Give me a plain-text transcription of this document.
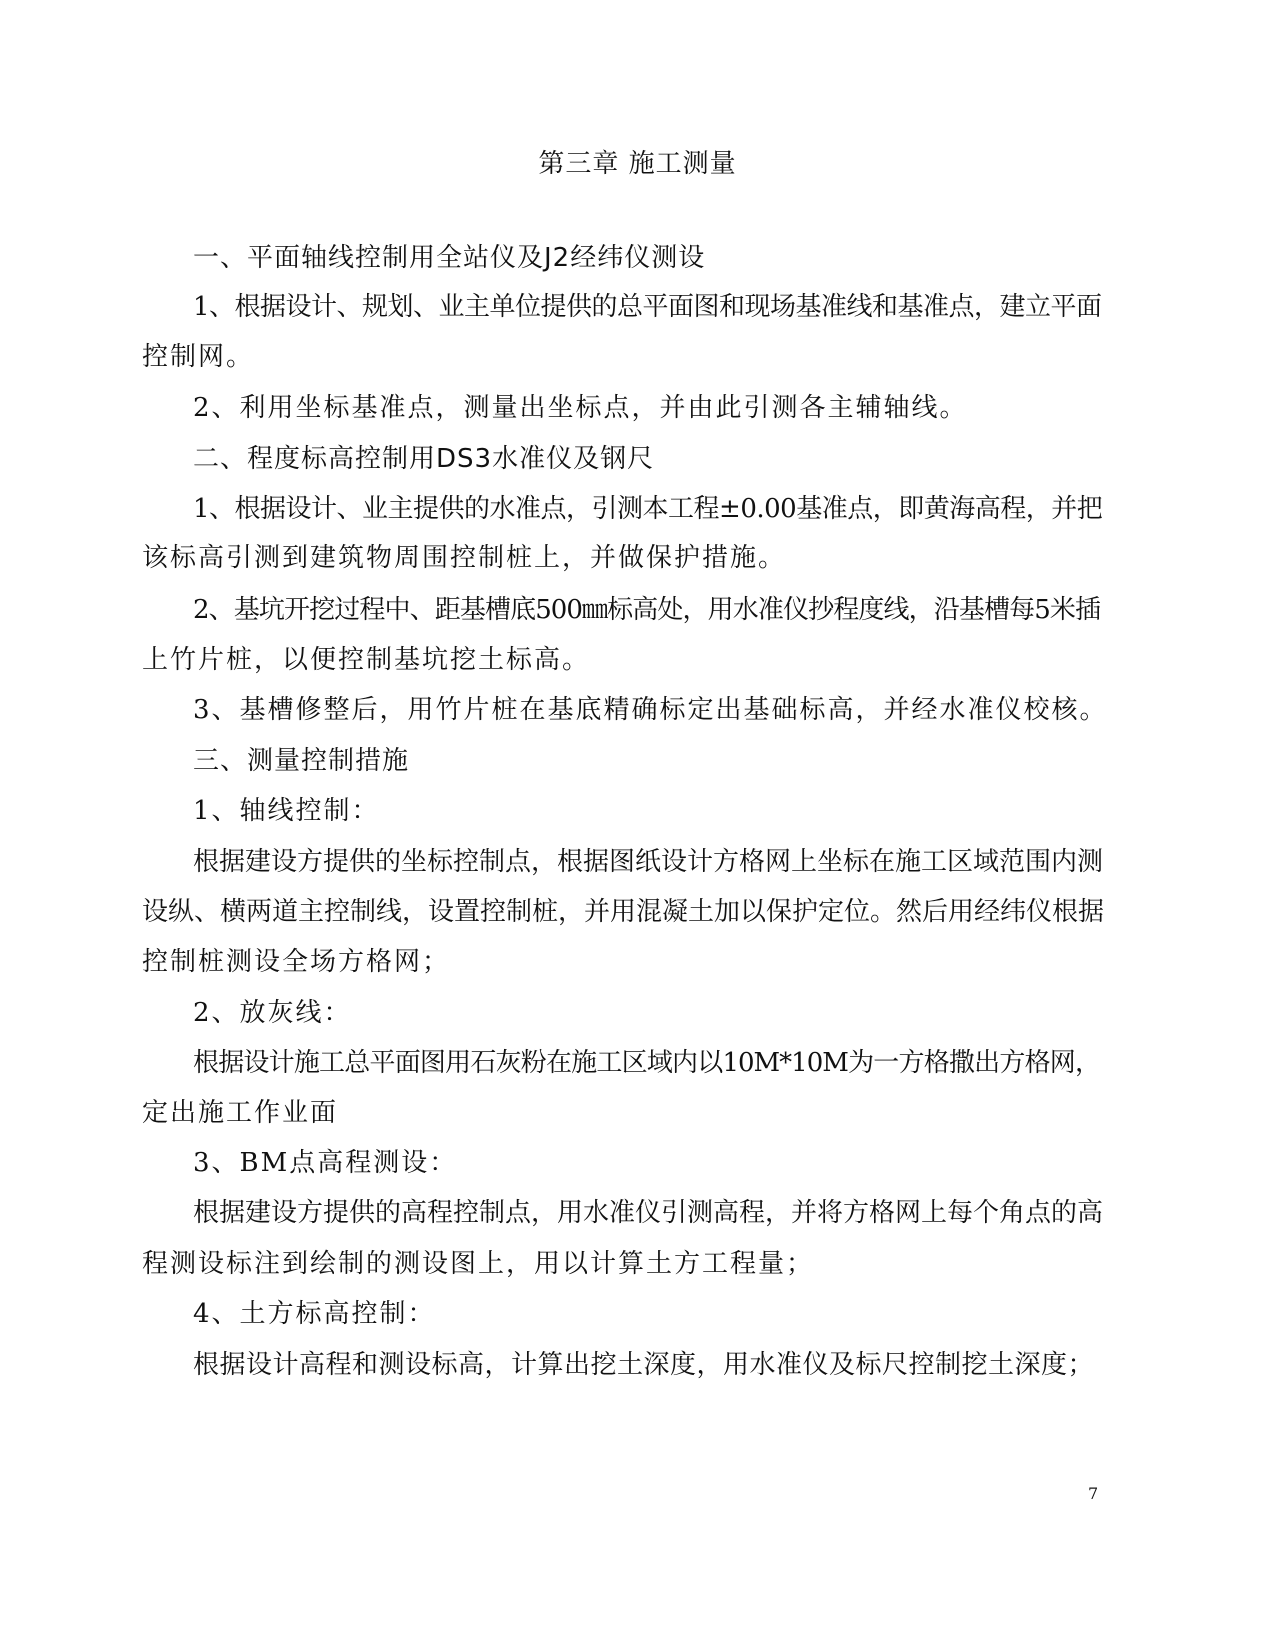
第三章 施工测量
一、平面轴线控制用全站仪及J2经纬仪测设
1、根据设计、规划、业主单位提供的总平面图和现场基准线和基准点，建立平面
控制网。
2、利用坐标基准点，测量出坐标点，并由此引测各主辅轴线。
二、程度标高控制用DS3水准仪及钢尺
1、根据设计、业主提供的水准点，引测本工程±0.00基准点，即黄海高程，并把
该标高引测到建筑物周围控制桩上，并做保护措施。
2、基坑开挖过程中、距基槽底500㎜标高处，用水准仪抄程度线，沿基槽每5米插
上竹片桩，以便控制基坑挖土标高。
3、基槽修整后，用竹片桩在基底精确标定出基础标高，并经水准仪校核。
三、测量控制措施
1、轴线控制：
根据建设方提供的坐标控制点，根据图纸设计方格网上坐标在施工区域范围内测
设纵、横两道主控制线，设置控制桩，并用混凝土加以保护定位。然后用经纬仪根据
控制桩测设全场方格网；
2、放灰线：
根据设计施工总平面图用石灰粉在施工区域内以10M*10M为一方格撒出方格网，
定出施工作业面
3、BM点高程测设：
根据建设方提供的高程控制点，用水准仪引测高程，并将方格网上每个角点的高
程测设标注到绘制的测设图上，用以计算土方工程量；
4、土方标高控制：
根据设计高程和测设标高，计算出挖土深度，用水准仪及标尺控制挖土深度；
7
